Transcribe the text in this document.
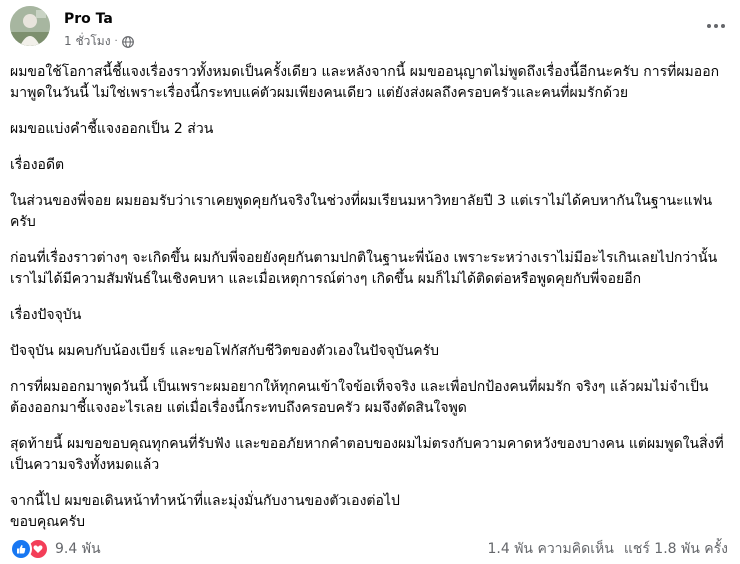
Pro Ta
1 ชั่วโมง ·

ผมขอใช้โอกาสนี้ชี้แจงเรื่องราวทั้งหมดเป็นครั้งเดียว และหลังจากนี้ ผมขออนุญาตไม่พูดถึงเรื่องนี้อีกนะครับ การที่ผมออกมาพูดในวันนี้ ไม่ใช่เพราะเรื่องนี้กระทบแค่ตัวผมเพียงคนเดียว แต่ยังส่งผลถึงครอบครัวและคนที่ผมรักด้วย

ผมขอแบ่งคำชี้แจงออกเป็น 2 ส่วน

เรื่องอดีต

ในส่วนของพี่จอย ผมยอมรับว่าเราเคยพูดคุยกันจริงในช่วงที่ผมเรียนมหาวิทยาลัยปี 3 แต่เราไม่ได้คบหากันในฐานะแฟนครับ

ก่อนที่เรื่องราวต่างๆ จะเกิดขึ้น ผมกับพี่จอยยังคุยกันตามปกติในฐานะพี่น้อง เพราะระหว่างเราไม่มีอะไรเกินเลยไปกว่านั้น เราไม่ได้มีความสัมพันธ์ในเชิงคบหา และเมื่อเหตุการณ์ต่างๆ เกิดขึ้น ผมก็ไม่ได้ติดต่อหรือพูดคุยกับพี่จอยอีก

เรื่องปัจจุบัน

ปัจจุบัน ผมคบกับน้องเบียร์ และขอโฟกัสกับชีวิตของตัวเองในปัจจุบันครับ

การที่ผมออกมาพูดวันนี้ เป็นเพราะผมอยากให้ทุกคนเข้าใจข้อเท็จจริง และเพื่อปกป้องคนที่ผมรัก จริงๆ แล้วผมไม่จำเป็นต้องออกมาชี้แจงอะไรเลย แต่เมื่อเรื่องนี้กระทบถึงครอบครัว ผมจึงตัดสินใจพูด

สุดท้ายนี้ ผมขอขอบคุณทุกคนที่รับฟัง และขออภัยหากคำตอบของผมไม่ตรงกับความคาดหวังของบางคน แต่ผมพูดในสิ่งที่เป็นความจริงทั้งหมดแล้ว

จากนี้ไป ผมขอเดินหน้าทำหน้าที่และมุ่งมั่นกับงานของตัวเองต่อไป
ขอบคุณครับ

9.4 พัน	1.4 พัน ความคิดเห็น แชร์ 1.8 พัน ครั้ง
